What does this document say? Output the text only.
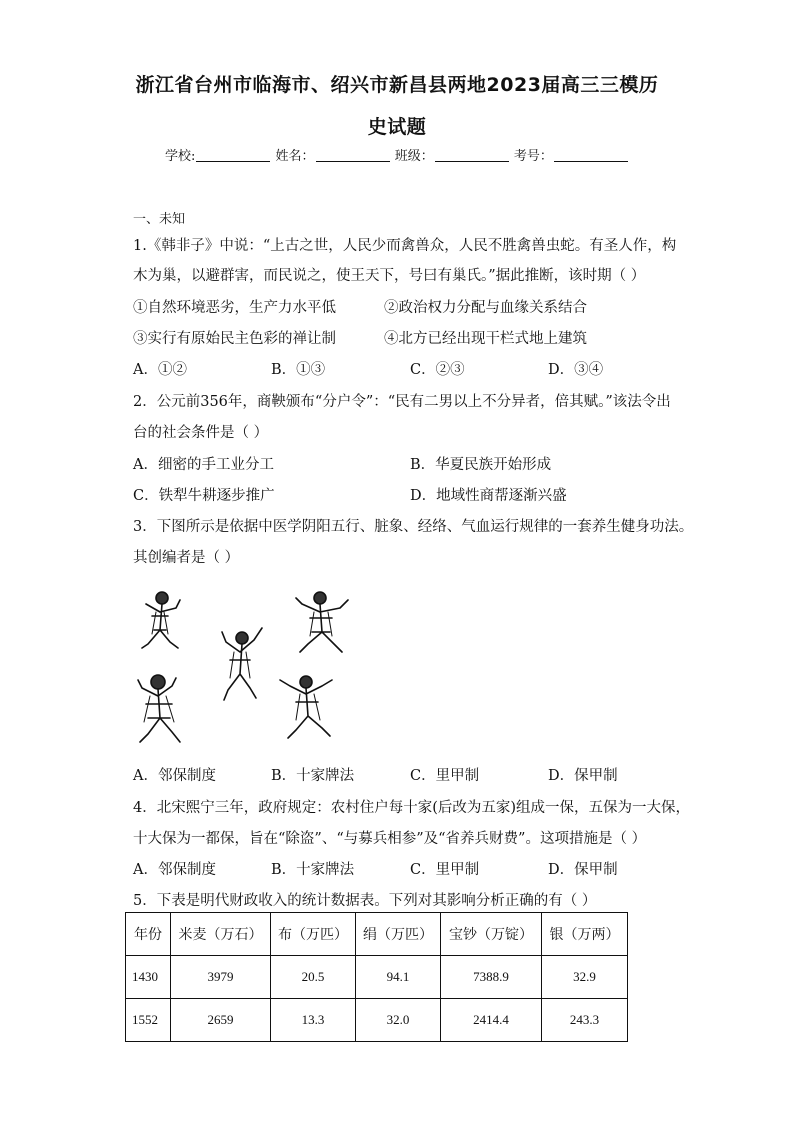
浙江省台州市临海市、绍兴市新昌县两地2023届高三三模历
史试题
学校:	姓名：	班级：	考号：
一、未知
1.《韩非子》中说：“上古之世，人民少而禽兽众，人民不胜禽兽虫蛇。有圣人作，构
木为巢，以避群害，而民说之，使王天下，号曰有巢氏。”据此推断，该时期（ ）
①自然环境恶劣，生产力水平低	②政治权力分配与血缘关系结合
③实行有原始民主色彩的禅让制	④北方已经出现干栏式地上建筑
A．①②	B．①③	C．②③	D．③④
2．公元前356年，商鞅颁布“分户令”：“民有二男以上不分异者，倍其赋。”该法令出
台的社会条件是（ ）
A．细密的手工业分工	B．华夏民族开始形成
C．铁犁牛耕逐步推广	D．地域性商帮逐渐兴盛
3．下图所示是依据中医学阴阳五行、脏象、经络、气血运行规律的一套养生健身功法。
其创编者是（ ）
A．邻保制度	B．十家牌法	C．里甲制	D．保甲制
4．北宋熙宁三年，政府规定：农村住户每十家(后改为五家)组成一保，五保为一大保，
十大保为一都保，旨在“除盗”、“与募兵相参”及“省养兵财费”。这项措施是（ ）
A．邻保制度	B．十家牌法	C．里甲制	D．保甲制
5．下表是明代财政收入的统计数据表。下列对其影响分析正确的有（ ）
年份	米麦（万石）	布（万匹）	绢（万匹）	宝钞（万锭）	银（万两）
1430	3979	20.5	94.1	7388.9	32.9
1552	2659	13.3	32.0	2414.4	243.3
